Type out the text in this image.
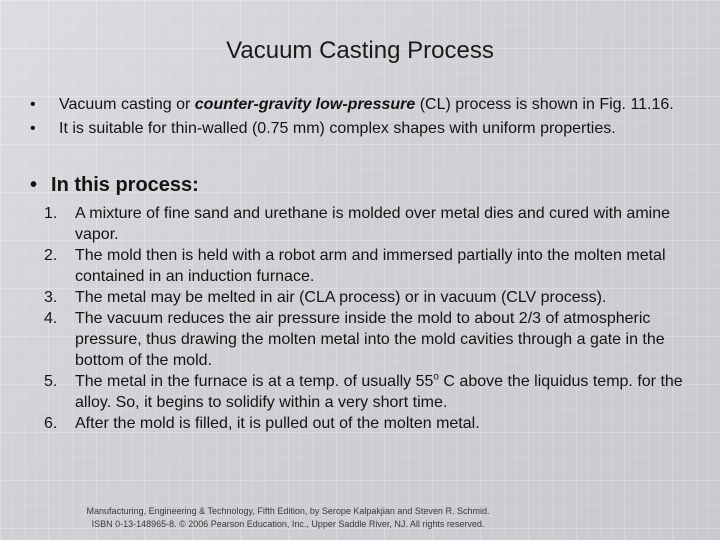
Vacuum Casting Process
• Vacuum casting or counter-gravity low-pressure (CL) process is shown in Fig. 11.16.
• It is suitable for thin-walled (0.75 mm) complex shapes with uniform properties.
• In this process:
1. A mixture of fine sand and urethane is molded over metal dies and cured with amine vapor.
2. The mold then is held with a robot arm and immersed partially into the molten metal contained in an induction furnace.
3. The metal may be melted in air (CLA process) or in vacuum (CLV process).
4. The vacuum reduces the air pressure inside the mold to about 2/3 of atmospheric pressure, thus drawing the molten metal into the mold cavities through a gate in the bottom of the mold.
5. The metal in the furnace is at a temp. of usually 55$^o$ C above the liquidus temp. for the alloy. So, it begins to solidify within a very short time.
6. After the mold is filled, it is pulled out of the molten metal.
Manufacturing, Engineering & Technology, Fifth Edition, by Serope Kalpakjian and Steven R. Schmid.
ISBN 0-13-148965-8. © 2006 Pearson Education, Inc., Upper Saddle River, NJ. All rights reserved.
